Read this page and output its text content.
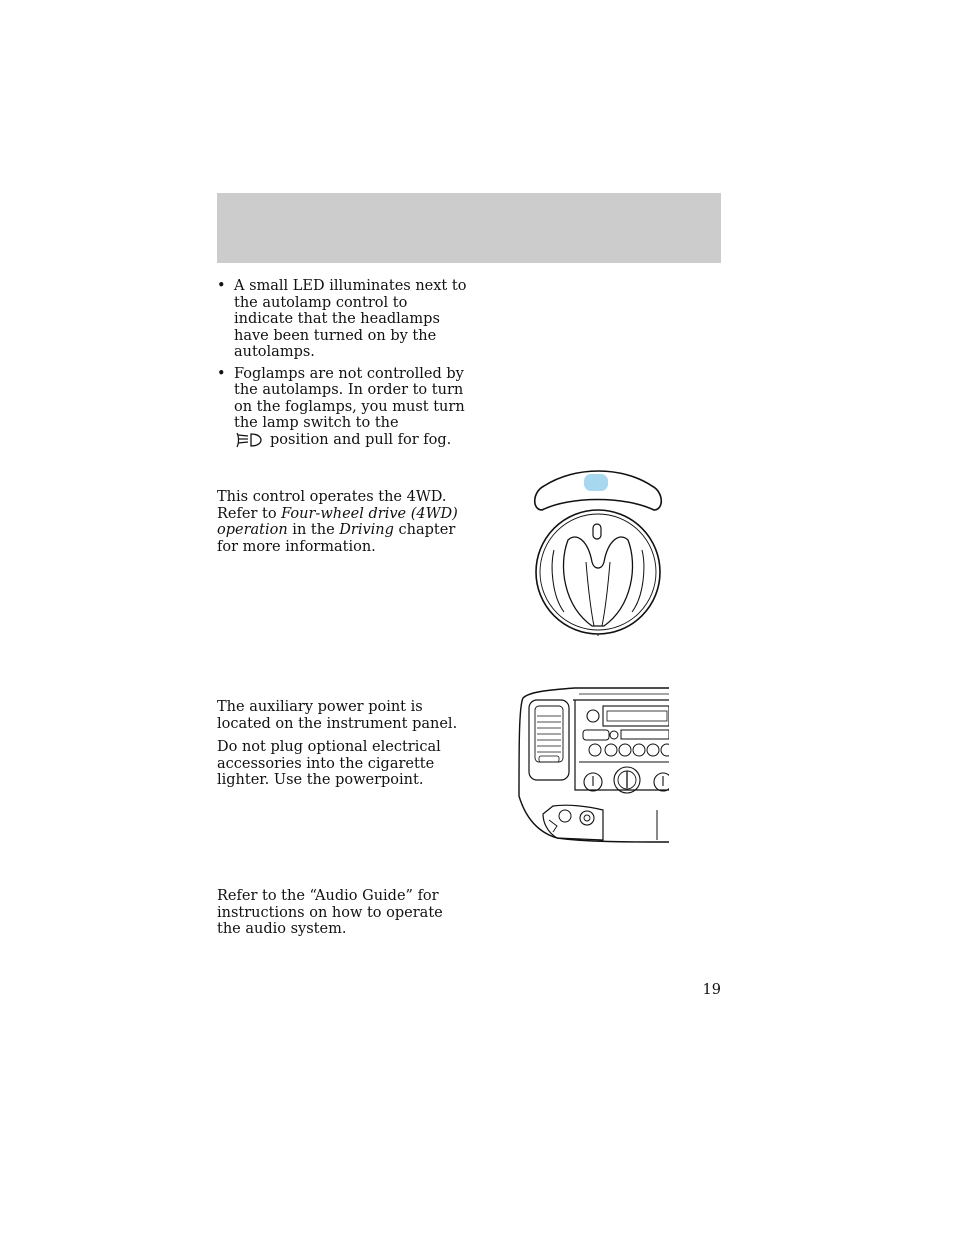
• A small LED illuminates next to the autolamp control to indicate that the headlamps have been turned on by the autolamps.
• Foglamps are not controlled by the autolamps. In order to turn on the foglamps, you must turn the lamp switch to the
position and pull for fog.
This control operates the 4WD. Refer to Four-wheel drive (4WD) operation in the Driving chapter for more information.

The auxiliary power point is located on the instrument panel.

Do not plug optional electrical accessories into the cigarette lighter. Use the powerpoint.

Refer to the “Audio Guide” for instructions on how to operate the audio system.

19
